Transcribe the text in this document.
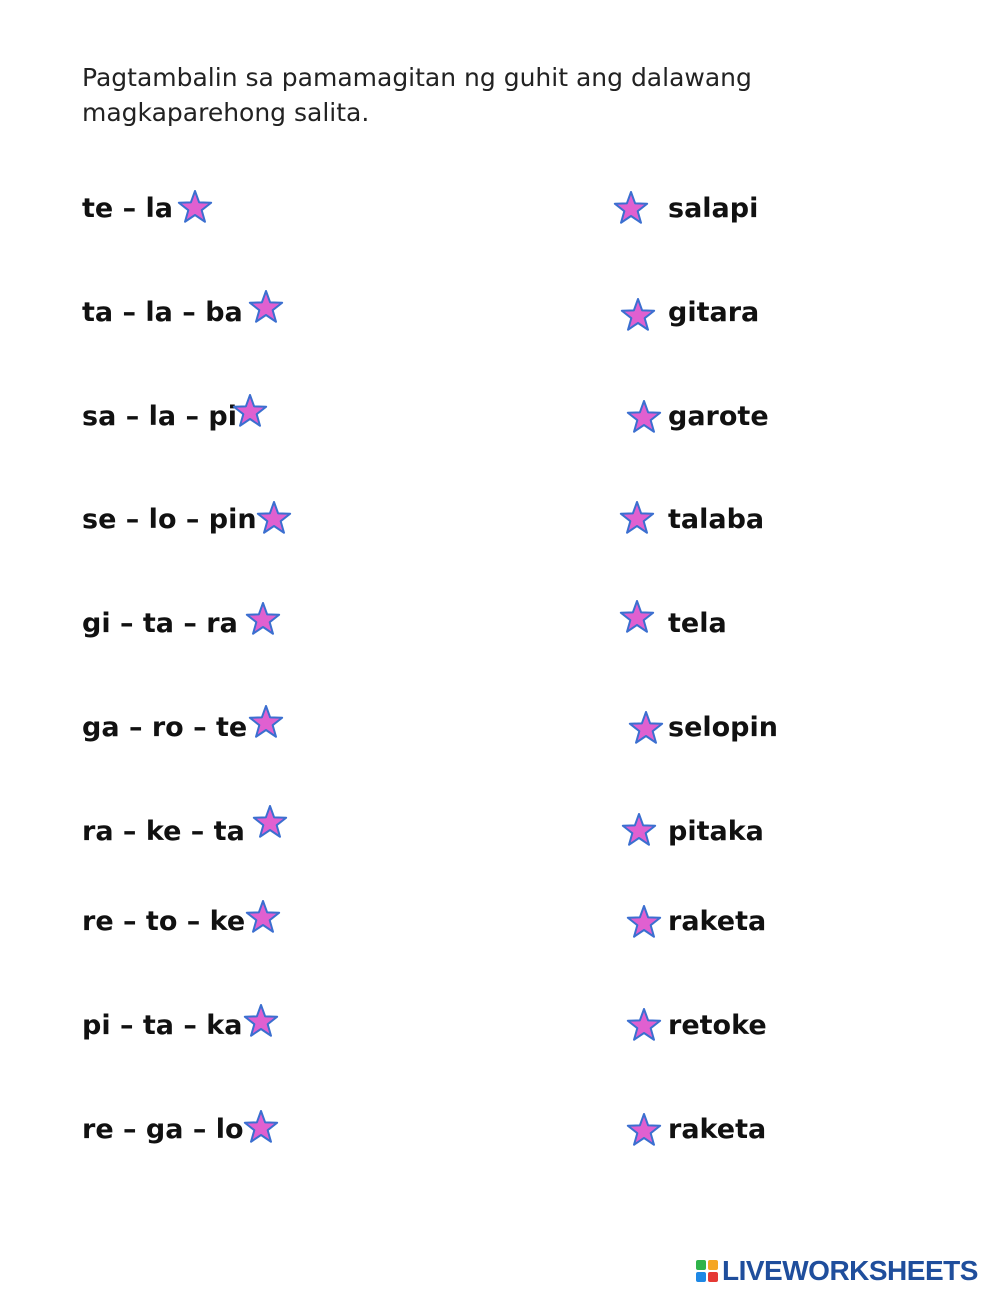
Pagtambalin sa pamamagitan ng guhit ang dalawang
magkaparehong salita.
te – la
ta – la – ba
sa – la – pi
se – lo – pin
gi – ta – ra
ga – ro – te
ra – ke – ta
re – to – ke
pi – ta – ka
re – ga – lo
salapi
gitara
garote
talaba
tela
selopin
pitaka
raketa
retoke
raketa
LIVEWORKSHEETS
